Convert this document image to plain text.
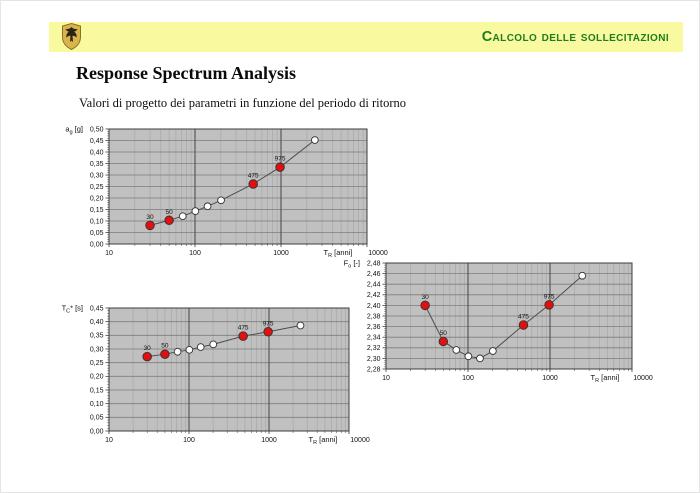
Calcolo delle sollecitazioni
Response Spectrum Analysis

Valori di progetto dei parametri in funzione del periodo di ritorno

0,50
0,45
0,40
0,35
0,30
0,25
0,20
0,15
0,10
0,05
0,00
10	100	1000	10000
$T_R$ [anni]
$a_g$ [g]
30
50
475
975
0,45
0,40
0,35
0,30
0,25
0,20
0,15
0,10
0,05
0,00
10	100	1000	10000
$T_R$ [anni]
$T_C*$ [s]
30 50
475
975
2,48
2,46
2,44
2,42
2,40
2,38
2,36
2,34
2,32
2,30
2,28
10	100	1000	10000
$T_R$ [anni]
$F_o$ [-]
30
50
475
975
